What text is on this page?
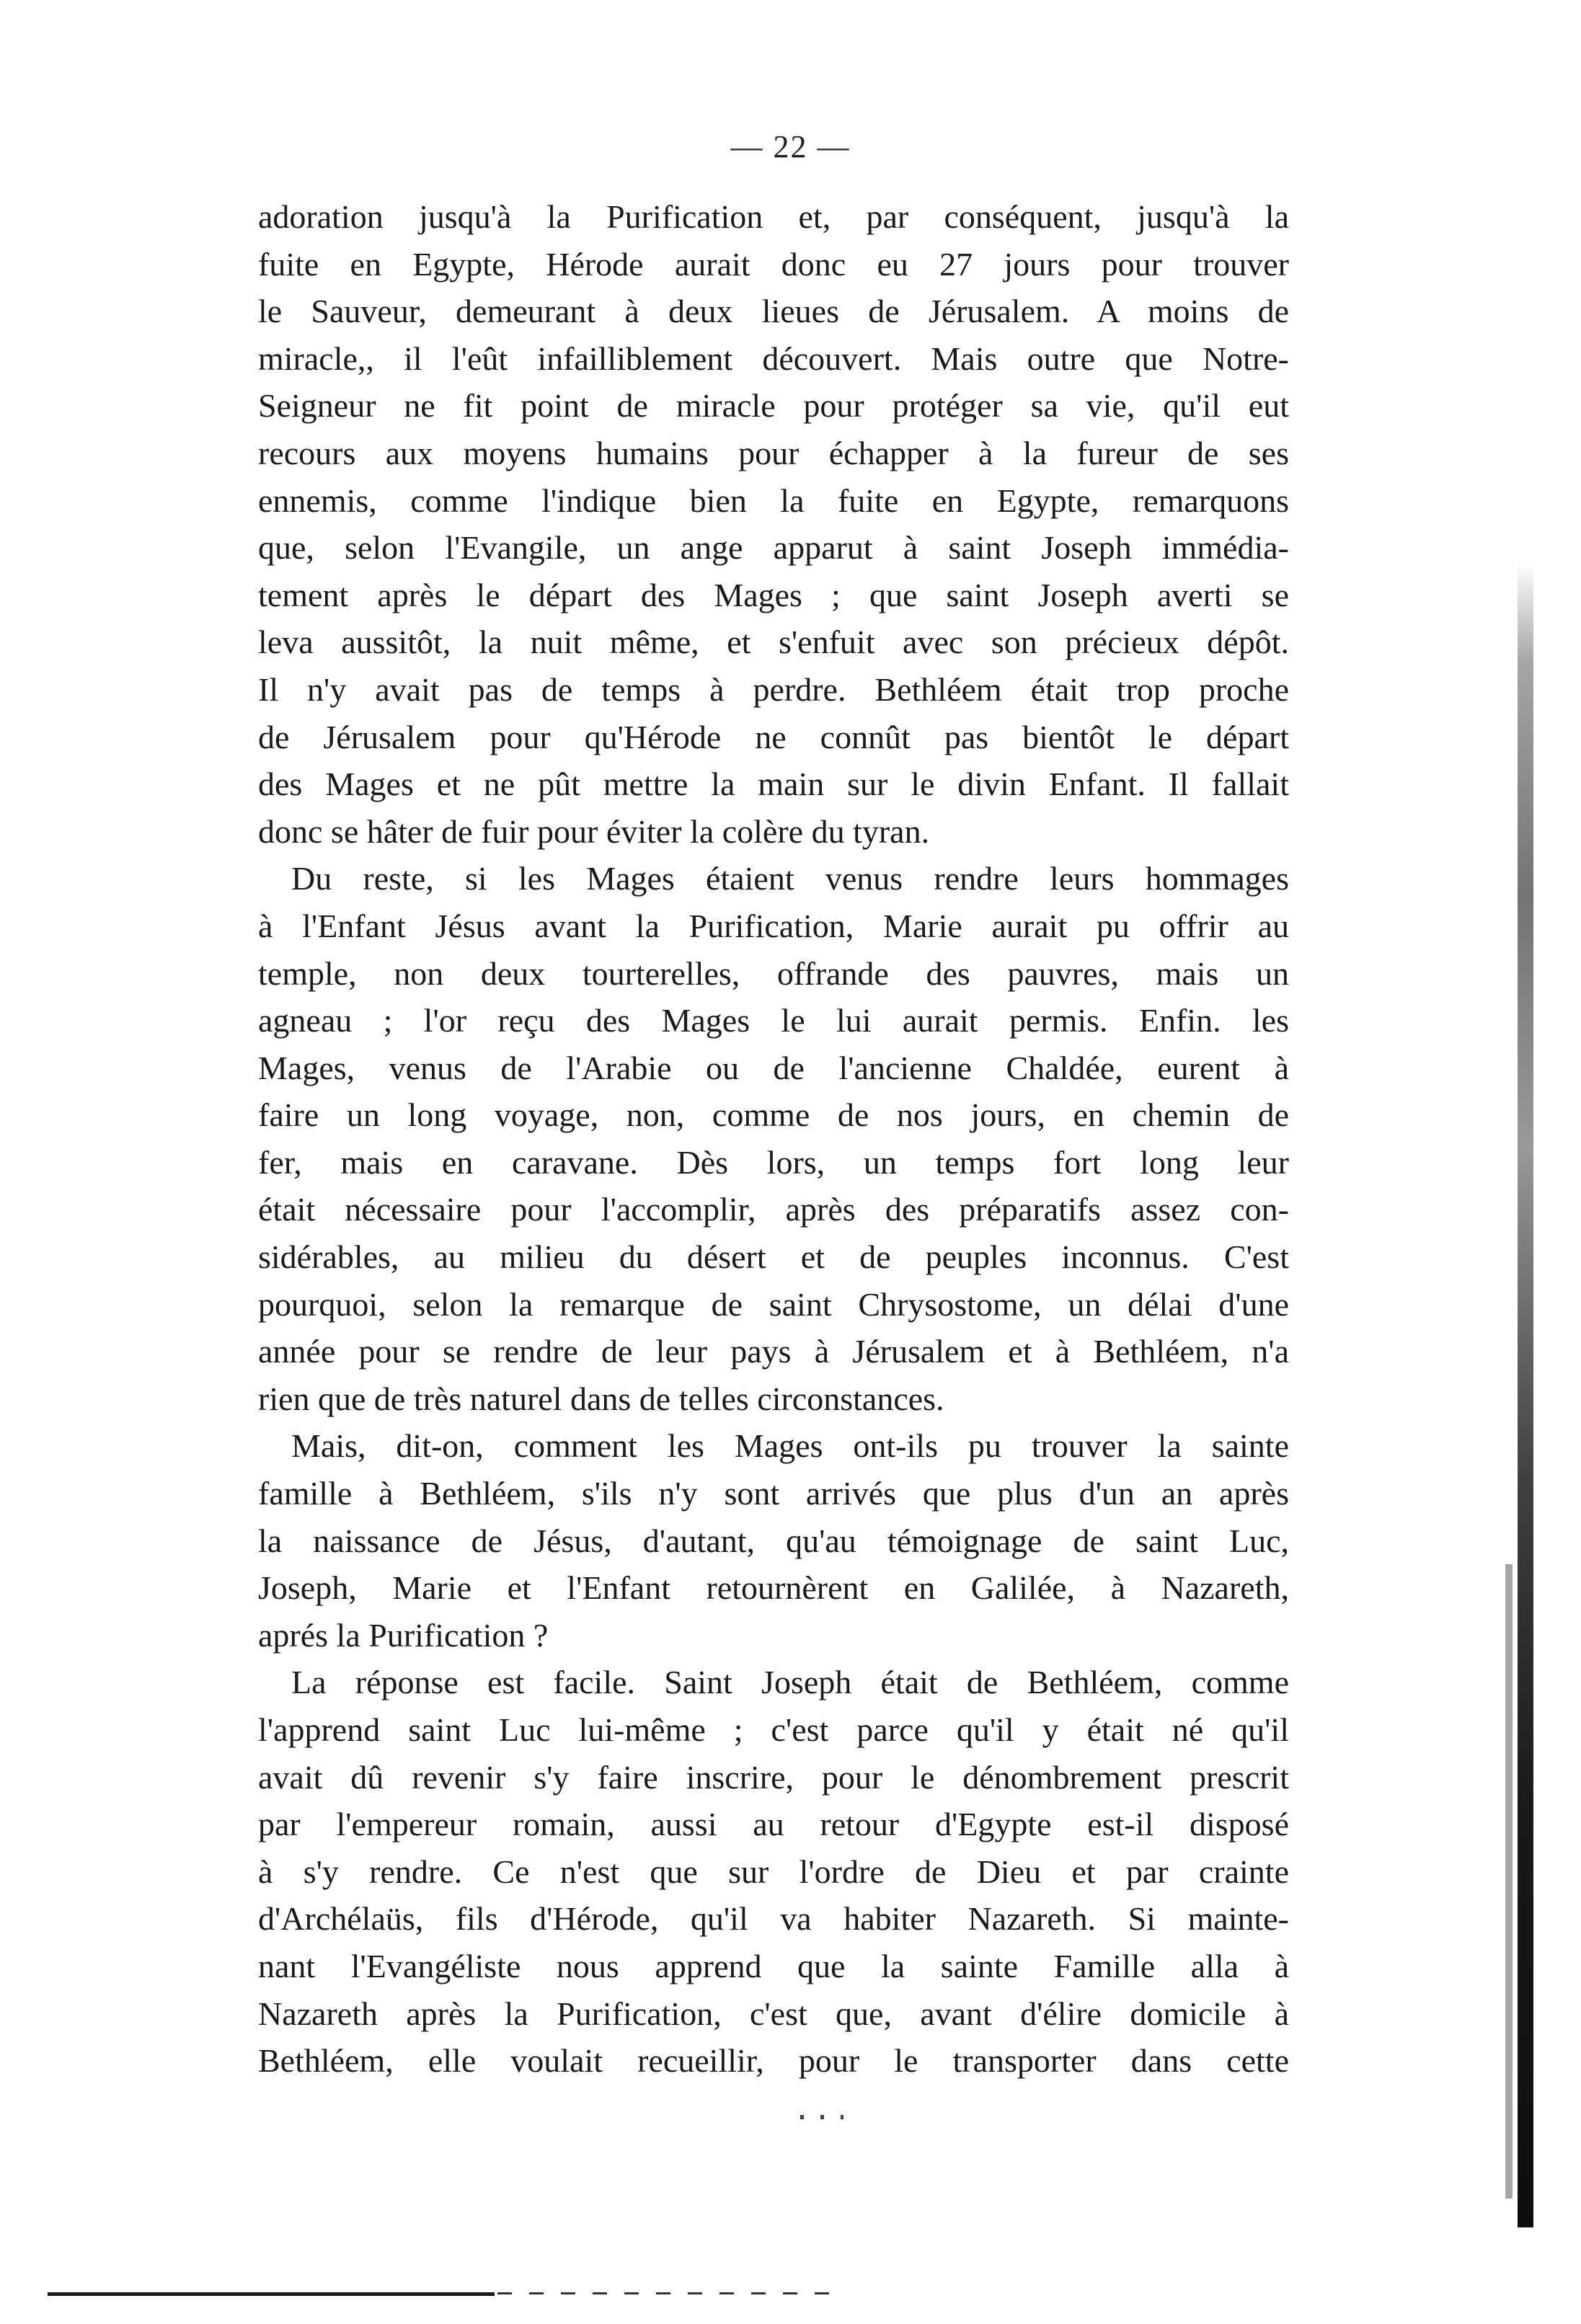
— 22 —
adoration jusqu'à la Purification et, par conséquent, jusqu'à la
fuite en Egypte, Hérode aurait donc eu 27 jours pour trouver
le Sauveur, demeurant à deux lieues de Jérusalem. A moins de
miracle,, il l'eût infailliblement découvert. Mais outre que Notre-
Seigneur ne fit point de miracle pour protéger sa vie, qu'il eut
recours aux moyens humains pour échapper à la fureur de ses
ennemis, comme l'indique bien la fuite en Egypte, remarquons
que, selon l'Evangile, un ange apparut à saint Joseph immédia-
tement après le départ des Mages ; que saint Joseph averti se
leva aussitôt, la nuit même, et s'enfuit avec son précieux dépôt.
Il n'y avait pas de temps à perdre. Bethléem était trop proche
de Jérusalem pour qu'Hérode ne connût pas bientôt le départ
des Mages et ne pût mettre la main sur le divin Enfant. Il fallait
donc se hâter de fuir pour éviter la colère du tyran.
Du reste, si les Mages étaient venus rendre leurs hommages
à l'Enfant Jésus avant la Purification, Marie aurait pu offrir au
temple, non deux tourterelles, offrande des pauvres, mais un
agneau ; l'or reçu des Mages le lui aurait permis. Enfin. les
Mages, venus de l'Arabie ou de l'ancienne Chaldée, eurent à
faire un long voyage, non, comme de nos jours, en chemin de
fer, mais en caravane. Dès lors, un temps fort long leur
était nécessaire pour l'accomplir, après des préparatifs assez con-
sidérables, au milieu du désert et de peuples inconnus. C'est
pourquoi, selon la remarque de saint Chrysostome, un délai d'une
année pour se rendre de leur pays à Jérusalem et à Bethléem, n'a
rien que de très naturel dans de telles circonstances.
Mais, dit-on, comment les Mages ont-ils pu trouver la sainte
famille à Bethléem, s'ils n'y sont arrivés que plus d'un an après
la naissance de Jésus, d'autant, qu'au témoignage de saint Luc,
Joseph, Marie et l'Enfant retournèrent en Galilée, à Nazareth,
aprés la Purification ?
La réponse est facile. Saint Joseph était de Bethléem, comme
l'apprend saint Luc lui-même ; c'est parce qu'il y était né qu'il
avait dû revenir s'y faire inscrire, pour le dénombrement prescrit
par l'empereur romain, aussi au retour d'Egypte est-il disposé
à s'y rendre. Ce n'est que sur l'ordre de Dieu et par crainte
d'Archélaüs, fils d'Hérode, qu'il va habiter Nazareth. Si mainte-
nant l'Evangéliste nous apprend que la sainte Famille alla à
Nazareth après la Purification, c'est que, avant d'élire domicile à
Bethléem, elle voulait recueillir, pour le transporter dans cette
